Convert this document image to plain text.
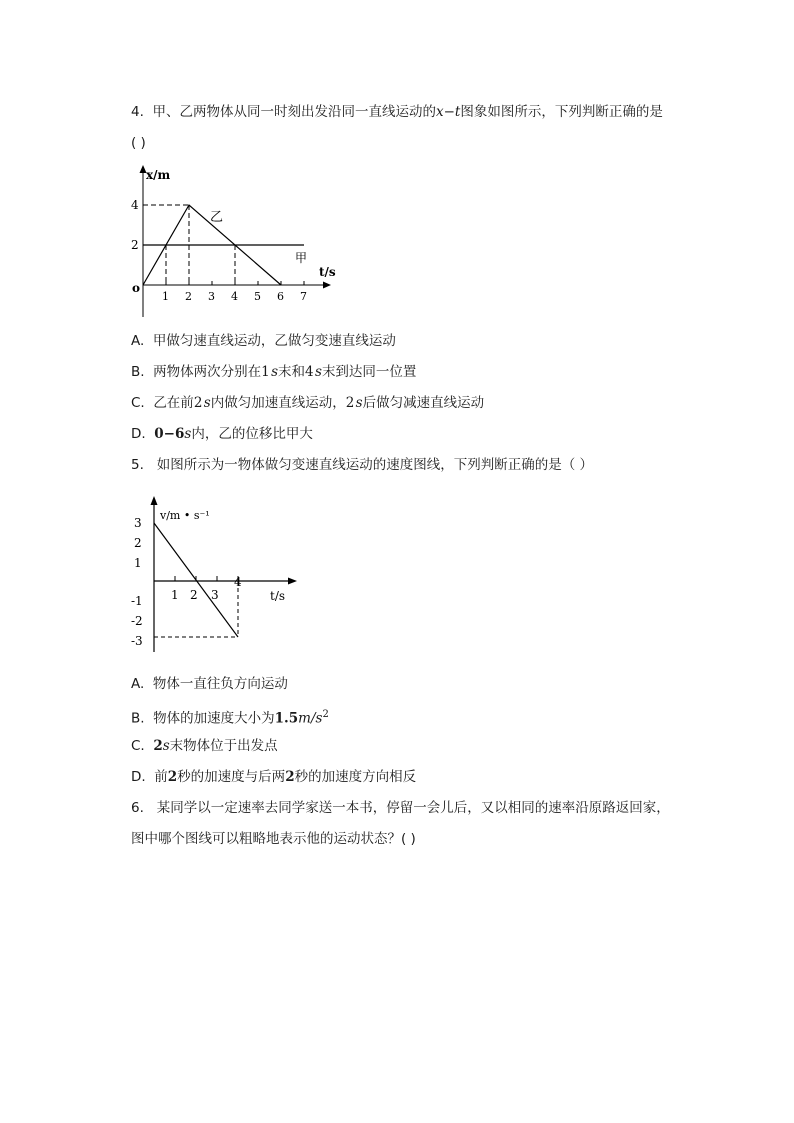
4. 甲、乙两物体从同一时刻出发沿同一直线运动的x−t图象如图所示，下列判断正确的是
( )
x/m
t/s
o
4
2
1 2 3 4 5 6 7
乙
甲
A. 甲做匀速直线运动，乙做匀变速直线运动
B. 两物体两次分别在1 s末和4 s末到达同一位置
C. 乙在前2 s内做匀加速直线运动，2 s后做匀减速直线运动
D. 0−6s内，乙的位移比甲大
5. 如图所示为一物体做匀变速直线运动的速度图线，下列判断正确的是（ ）
v/m • s⁻¹
t/s
3
2
1
-1
-2
-3
1 2 3
4
A. 物体一直往负方向运动
B. 物体的加速度大小为$1.5m/s^2$
C. 2s末物体位于出发点
D. 前2秒的加速度与后两2秒的加速度方向相反
6. 某同学以一定速率去同学家送一本书，停留一会儿后，又以相同的速率沿原路返回家，
图中哪个图线可以粗略地表示他的运动状态？( )
